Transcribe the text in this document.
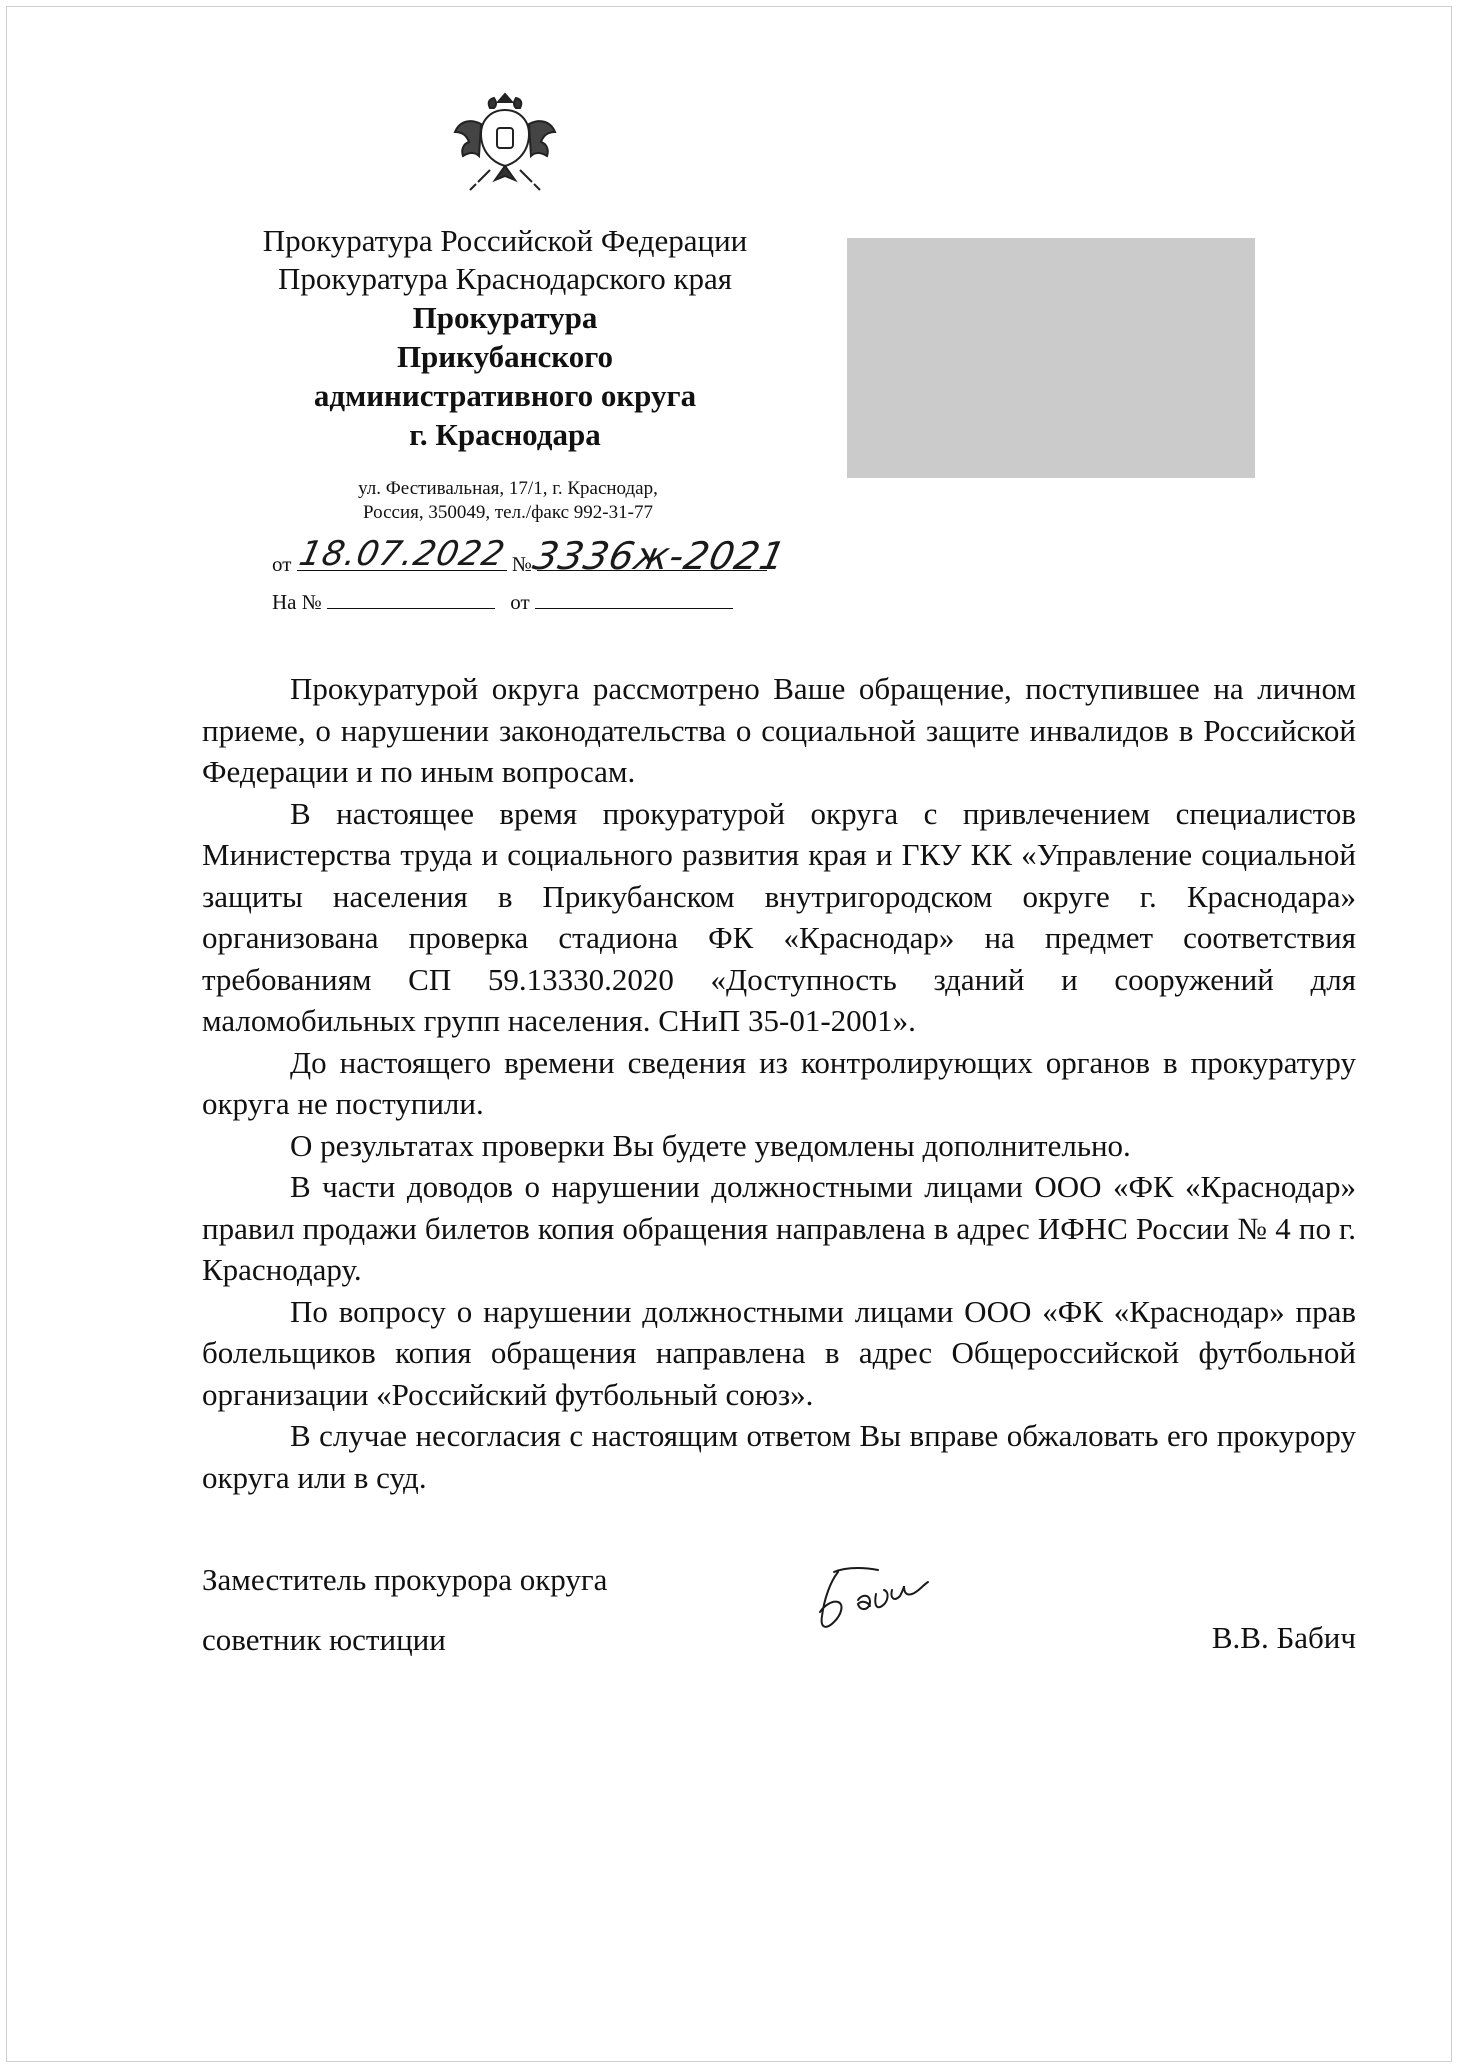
Прокуратура Российской Федерации
Прокуратура Краснодарского края
Прокуратура
Прикубанского
административного округа
г. Краснодара
ул. Фестивальная, 17/1, г. Краснодар,
Россия, 350049, тел./факс 992-31-77
от	№
18.07.2022 3336ж-2021
На №	от

Прокуратурой округа рассмотрено Ваше обращение, поступившее на личном приеме, о нарушении законодательства о социальной защите инвалидов в Российской Федерации и по иным вопросам.

В настоящее время прокуратурой округа с привлечением специалистов Министерства труда и социального развития края и ГКУ КК «Управление социальной защиты населения в Прикубанском внутригородском округе г. Краснодара» организована проверка стадиона ФК «Краснодар» на предмет соответствия требованиям СП 59.13330.2020 «Доступность зданий и сооружений для маломобильных групп населения. СНиП 35-01-2001».

До настоящего времени сведения из контролирующих органов в прокуратуру округа не поступили.

О результатах проверки Вы будете уведомлены дополнительно.

В части доводов о нарушении должностными лицами ООО «ФК «Краснодар» правил продажи билетов копия обращения направлена в адрес ИФНС России № 4 по г. Краснодару.

По вопросу о нарушении должностными лицами ООО «ФК «Краснодар» прав болельщиков копия обращения направлена в адрес Общероссийской футбольной организации «Российский футбольный союз».

В случае несогласия с настоящим ответом Вы вправе обжаловать его прокурору округа или в суд.

Заместитель прокурора округа
советник юстиции	В.В. Бабич
